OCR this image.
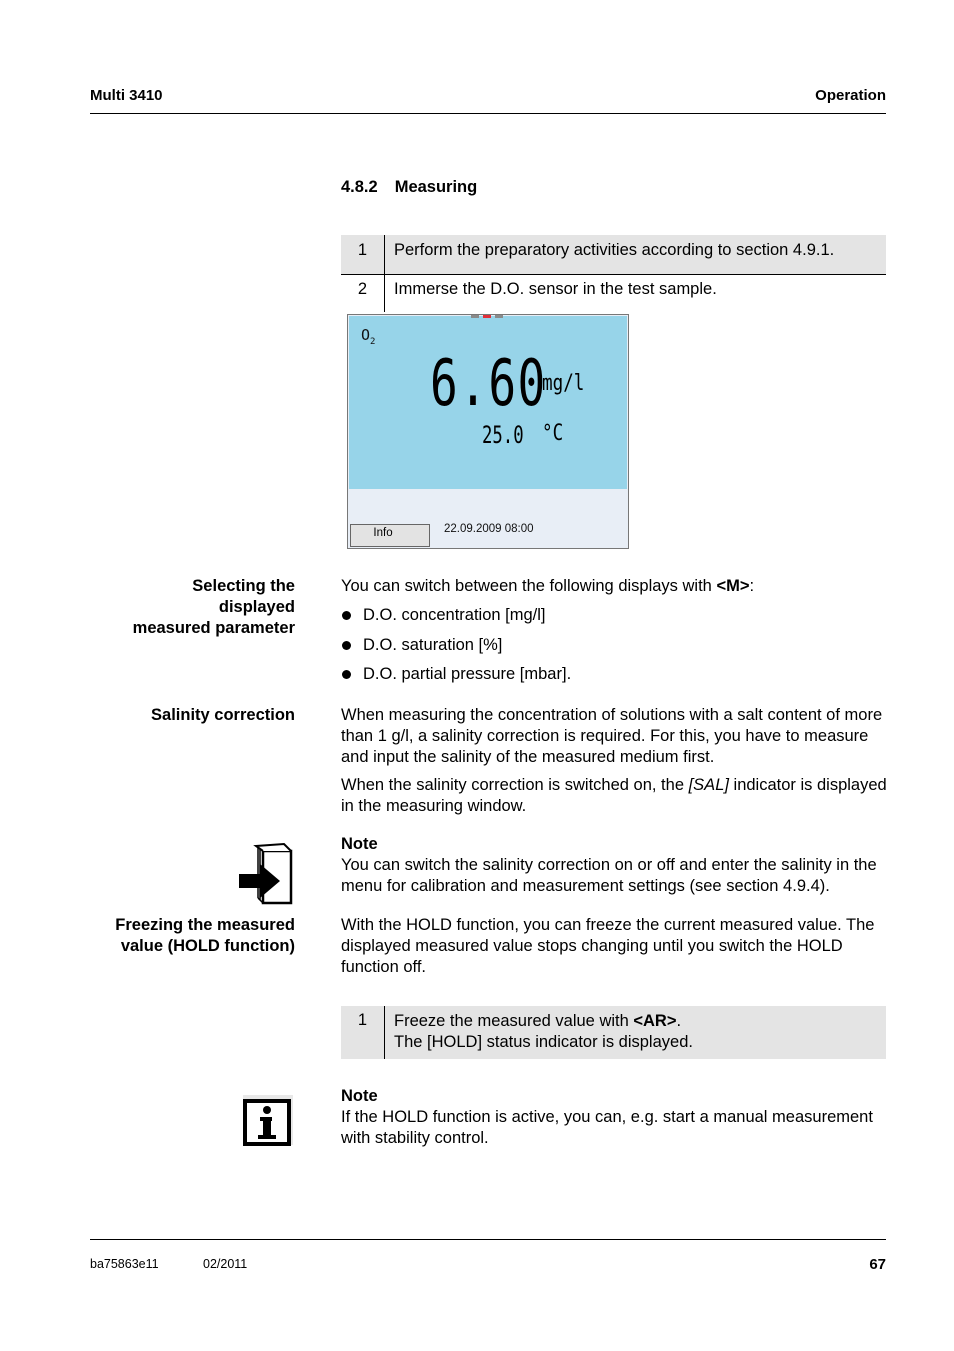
Multi 3410	Operation
4.8.2 Measuring
1	Perform the preparatory activities according to section 4.9.1.
2	Immerse the D.O. sensor in the test sample.
$O_2$
6.60
mg/l
25.0 °C
Info	22.09.2009 08:00
Selecting the
displayed
measured parameter
You can switch between the following displays with <M>:
D.O. concentration [mg/l]
D.O. saturation [%]
D.O. partial pressure [mbar].
Salinity correction	When measuring the concentration of solutions with a salt content of more than 1 g/l, a salinity correction is required. For this, you have to measure and input the salinity of the measured medium first.
When the salinity correction is switched on, the [SAL] indicator is displayed in the measuring window.
Note
You can switch the salinity correction on or off and enter the salinity in the menu for calibration and measurement settings (see section 4.9.4).
Freezing the measured
value (HOLD function)
With the HOLD function, you can freeze the current measured value. The displayed measured value stops changing until you switch the HOLD function off.
1	Freeze the measured value with <AR>.
The [HOLD] status indicator is displayed.
Note
If the HOLD function is active, you can, e.g. start a manual measurement with stability control.
ba75863e11	02/2011	67
